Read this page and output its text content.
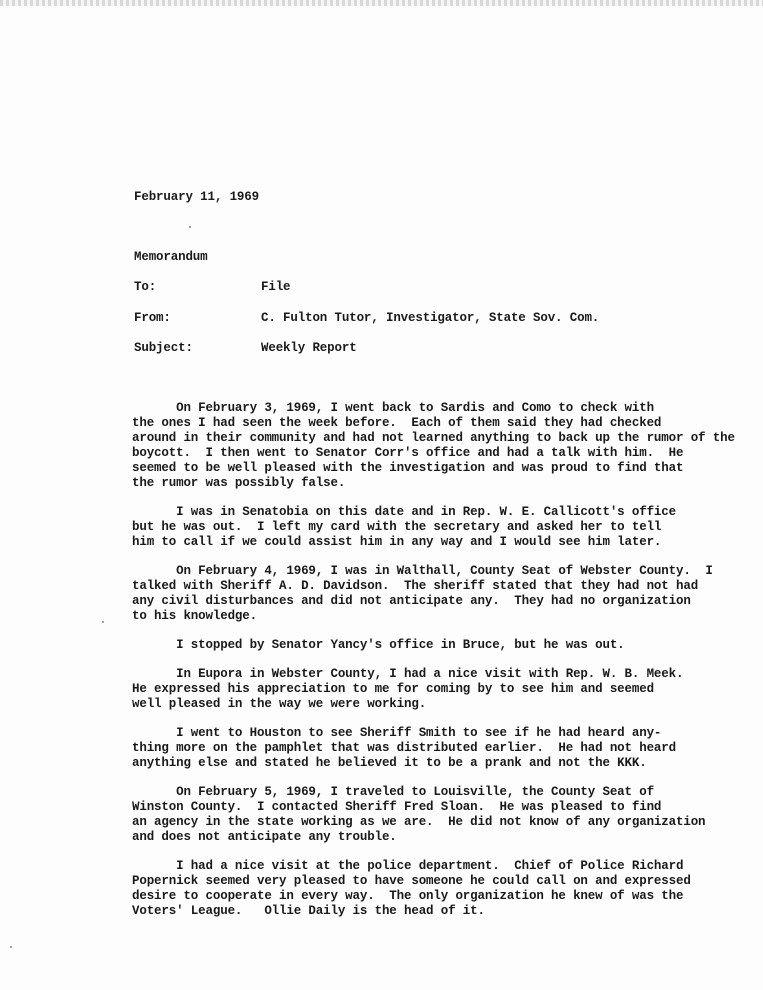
February 11, 1969
Memorandum
To:	File
From:	C. Fulton Tutor, Investigator, State Sov. Com.
Subject:	Weekly Report
On February 3, 1969, I went back to Sardis and Como to check with
the ones I had seen the week before.  Each of them said they had checked
around in their community and had not learned anything to back up the rumor of the
boycott.  I then went to Senator Corr's office and had a talk with him.  He
seemed to be well pleased with the investigation and was proud to find that
the rumor was possibly false.
I was in Senatobia on this date and in Rep. W. E. Callicott's office
but he was out.  I left my card with the secretary and asked her to tell
him to call if we could assist him in any way and I would see him later.
On February 4, 1969, I was in Walthall, County Seat of Webster County.  I
talked with Sheriff A. D. Davidson.  The sheriff stated that they had not had
any civil disturbances and did not anticipate any.  They had no organization
to his knowledge.
I stopped by Senator Yancy's office in Bruce, but he was out.
In Eupora in Webster County, I had a nice visit with Rep. W. B. Meek.
He expressed his appreciation to me for coming by to see him and seemed
well pleased in the way we were working.
I went to Houston to see Sheriff Smith to see if he had heard any-
thing more on the pamphlet that was distributed earlier.  He had not heard
anything else and stated he believed it to be a prank and not the KKK.
On February 5, 1969, I traveled to Louisville, the County Seat of
Winston County.  I contacted Sheriff Fred Sloan.  He was pleased to find
an agency in the state working as we are.  He did not know of any organization
and does not anticipate any trouble.
I had a nice visit at the police department.  Chief of Police Richard
Popernick seemed very pleased to have someone he could call on and expressed
desire to cooperate in every way.  The only organization he knew of was the
Voters' League.   Ollie Daily is the head of it.
